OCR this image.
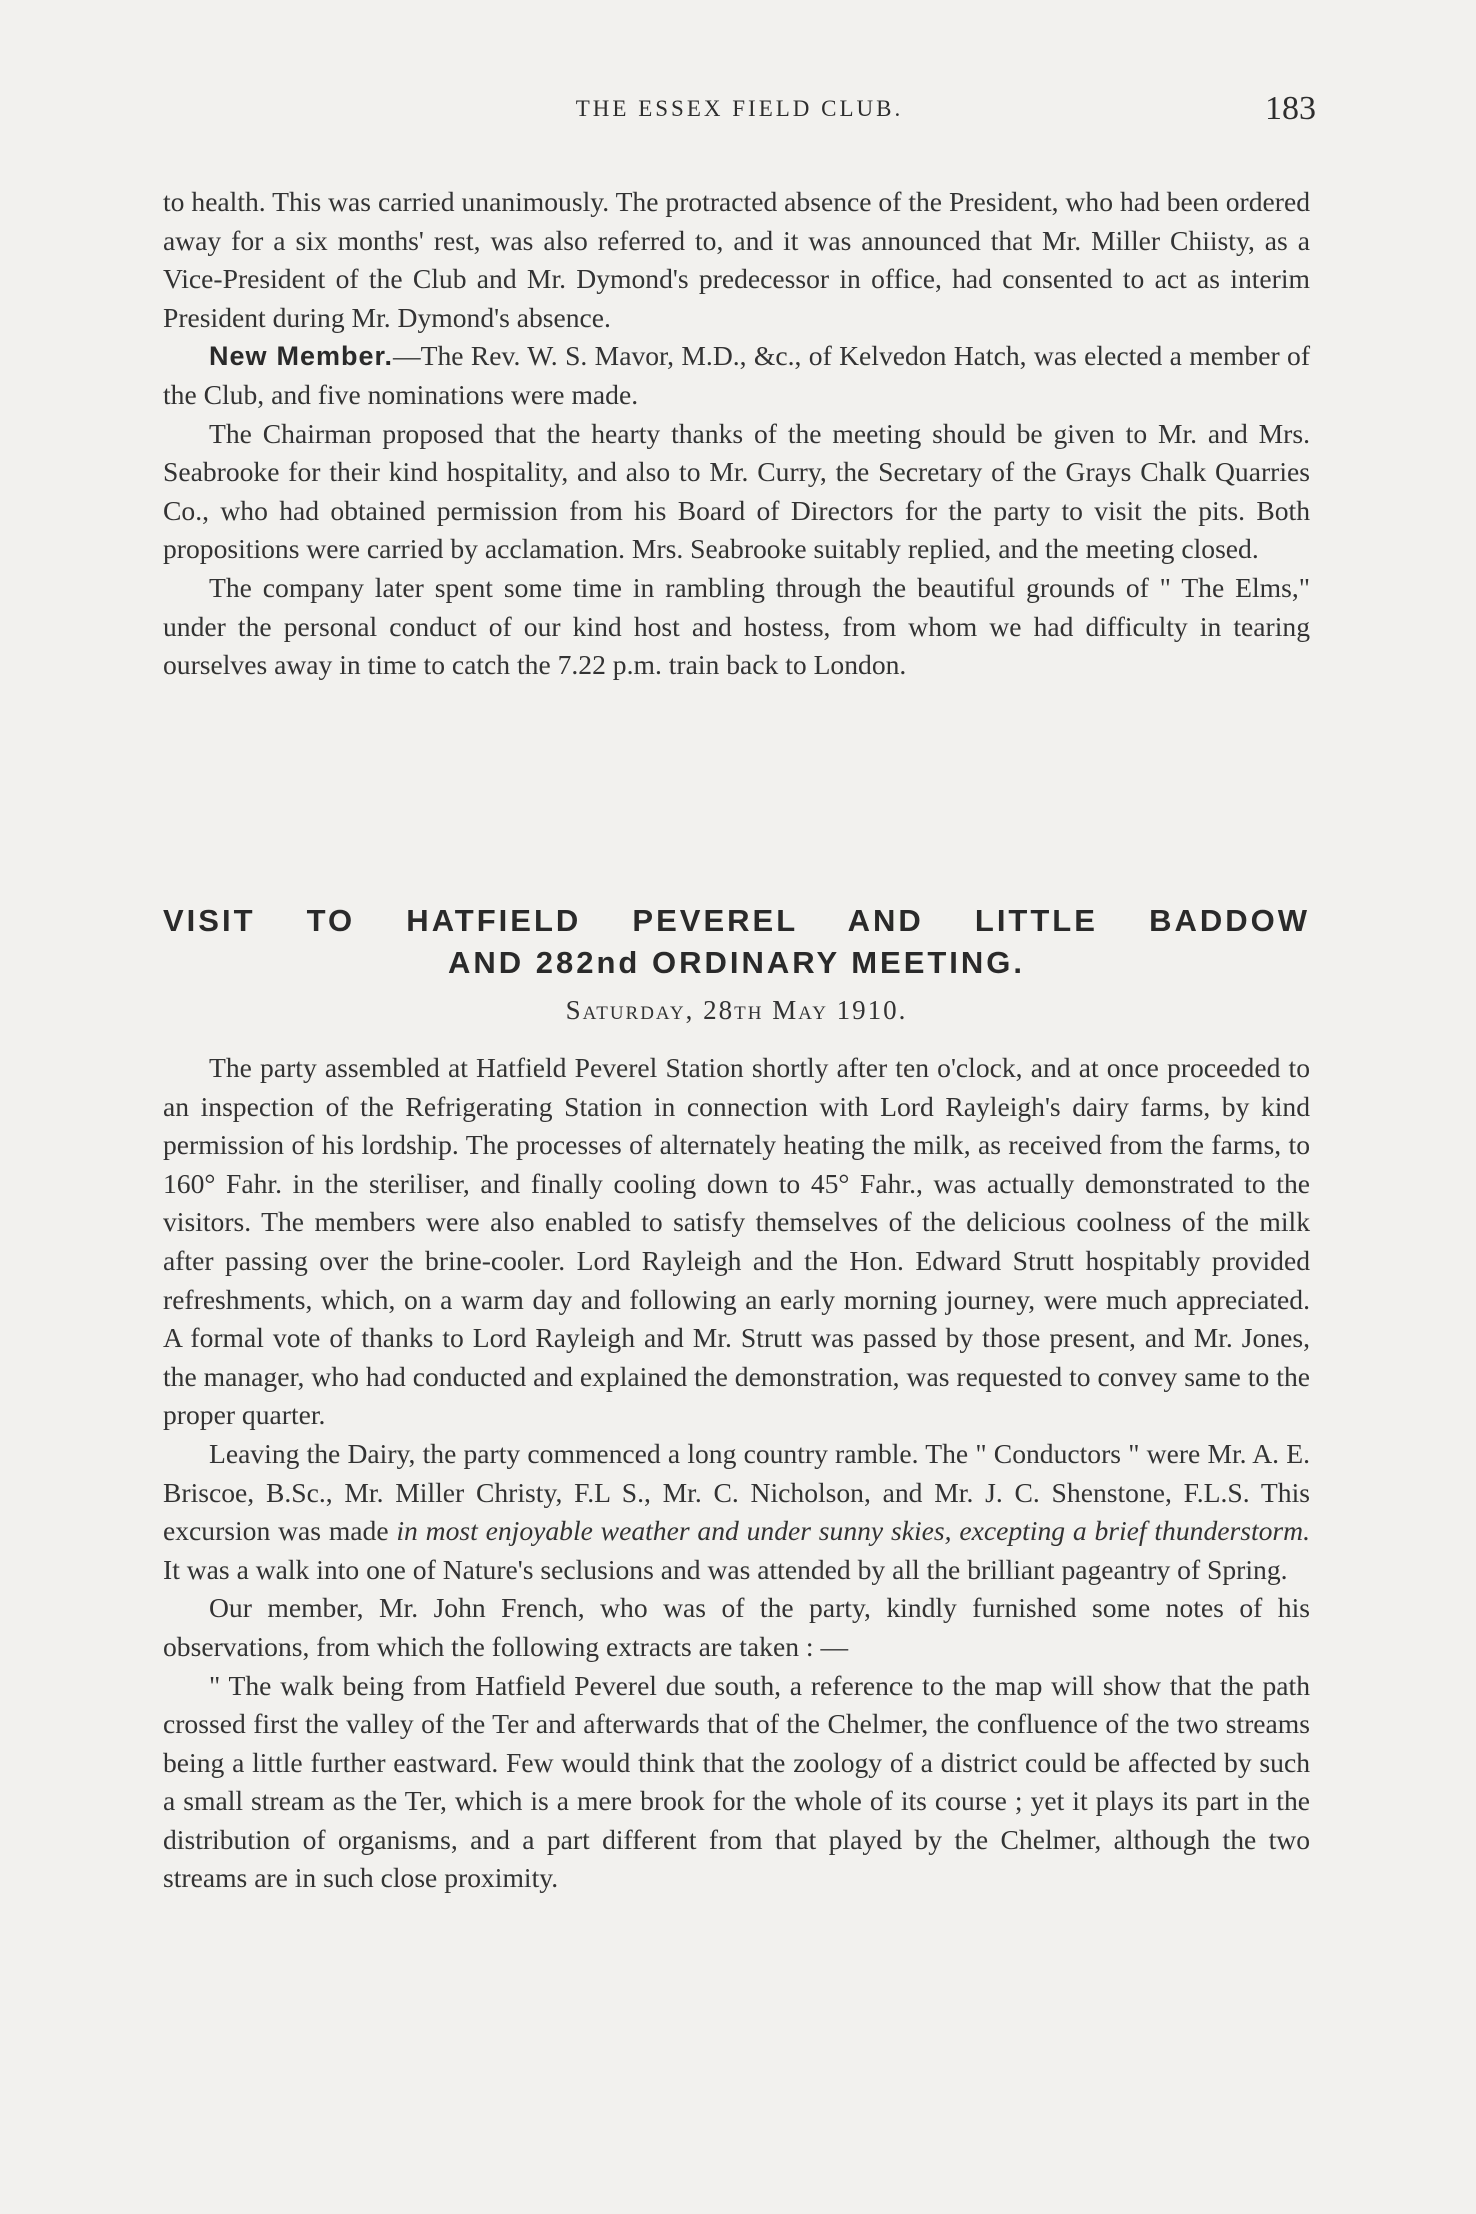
THE ESSEX FIELD CLUB.	183

to health. This was carried unanimously. The protracted absence of the President, who had been ordered away for a six months' rest, was also referred to, and it was announced that Mr. Miller Chiisty, as a Vice-President of the Club and Mr. Dymond's predecessor in office, had consented to act as interim President during Mr. Dymond's absence.

New Member.—The Rev. W. S. Mavor, M.D., &c., of Kelvedon Hatch, was elected a member of the Club, and five nominations were made.

The Chairman proposed that the hearty thanks of the meeting should be given to Mr. and Mrs. Seabrooke for their kind hospitality, and also to Mr. Curry, the Secretary of the Grays Chalk Quarries Co., who had obtained permission from his Board of Directors for the party to visit the pits. Both propositions were carried by acclamation. Mrs. Seabrooke suitably replied, and the meeting closed.

The company later spent some time in rambling through the beautiful grounds of " The Elms," under the personal conduct of our kind host and hostess, from whom we had difficulty in tearing ourselves away in time to catch the 7.22 p.m. train back to London.

VISIT TO HATFIELD PEVEREL AND LITTLE BADDOW
AND 282nd ORDINARY MEETING.
Saturday, 28th May 1910.

The party assembled at Hatfield Peverel Station shortly after ten o'clock, and at once proceeded to an inspection of the Refrigerating Station in connection with Lord Rayleigh's dairy farms, by kind permission of his lordship. The processes of alternately heating the milk, as received from the farms, to 160° Fahr. in the steriliser, and finally cooling down to 45° Fahr., was actually demonstrated to the visitors. The members were also enabled to satisfy themselves of the delicious coolness of the milk after passing over the brine-cooler. Lord Rayleigh and the Hon. Edward Strutt hospitably provided refreshments, which, on a warm day and following an early morning journey, were much appreciated. A formal vote of thanks to Lord Rayleigh and Mr. Strutt was passed by those present, and Mr. Jones, the manager, who had conducted and explained the demonstration, was requested to convey same to the proper quarter.

Leaving the Dairy, the party commenced a long country ramble. The " Conductors " were Mr. A. E. Briscoe, B.Sc., Mr. Miller Christy, F.L S., Mr. C. Nicholson, and Mr. J. C. Shenstone, F.L.S. This excursion was made in most enjoyable weather and under sunny skies, excepting a brief thunderstorm. It was a walk into one of Nature's seclusions and was attended by all the brilliant pageantry of Spring.

Our member, Mr. John French, who was of the party, kindly furnished some notes of his observations, from which the following extracts are taken : —

" The walk being from Hatfield Peverel due south, a reference to the map will show that the path crossed first the valley of the Ter and afterwards that of the Chelmer, the confluence of the two streams being a little further eastward. Few would think that the zoology of a district could be affected by such a small stream as the Ter, which is a mere brook for the whole of its course ; yet it plays its part in the distribution of organisms, and a part different from that played by the Chelmer, although the two streams are in such close proximity.
